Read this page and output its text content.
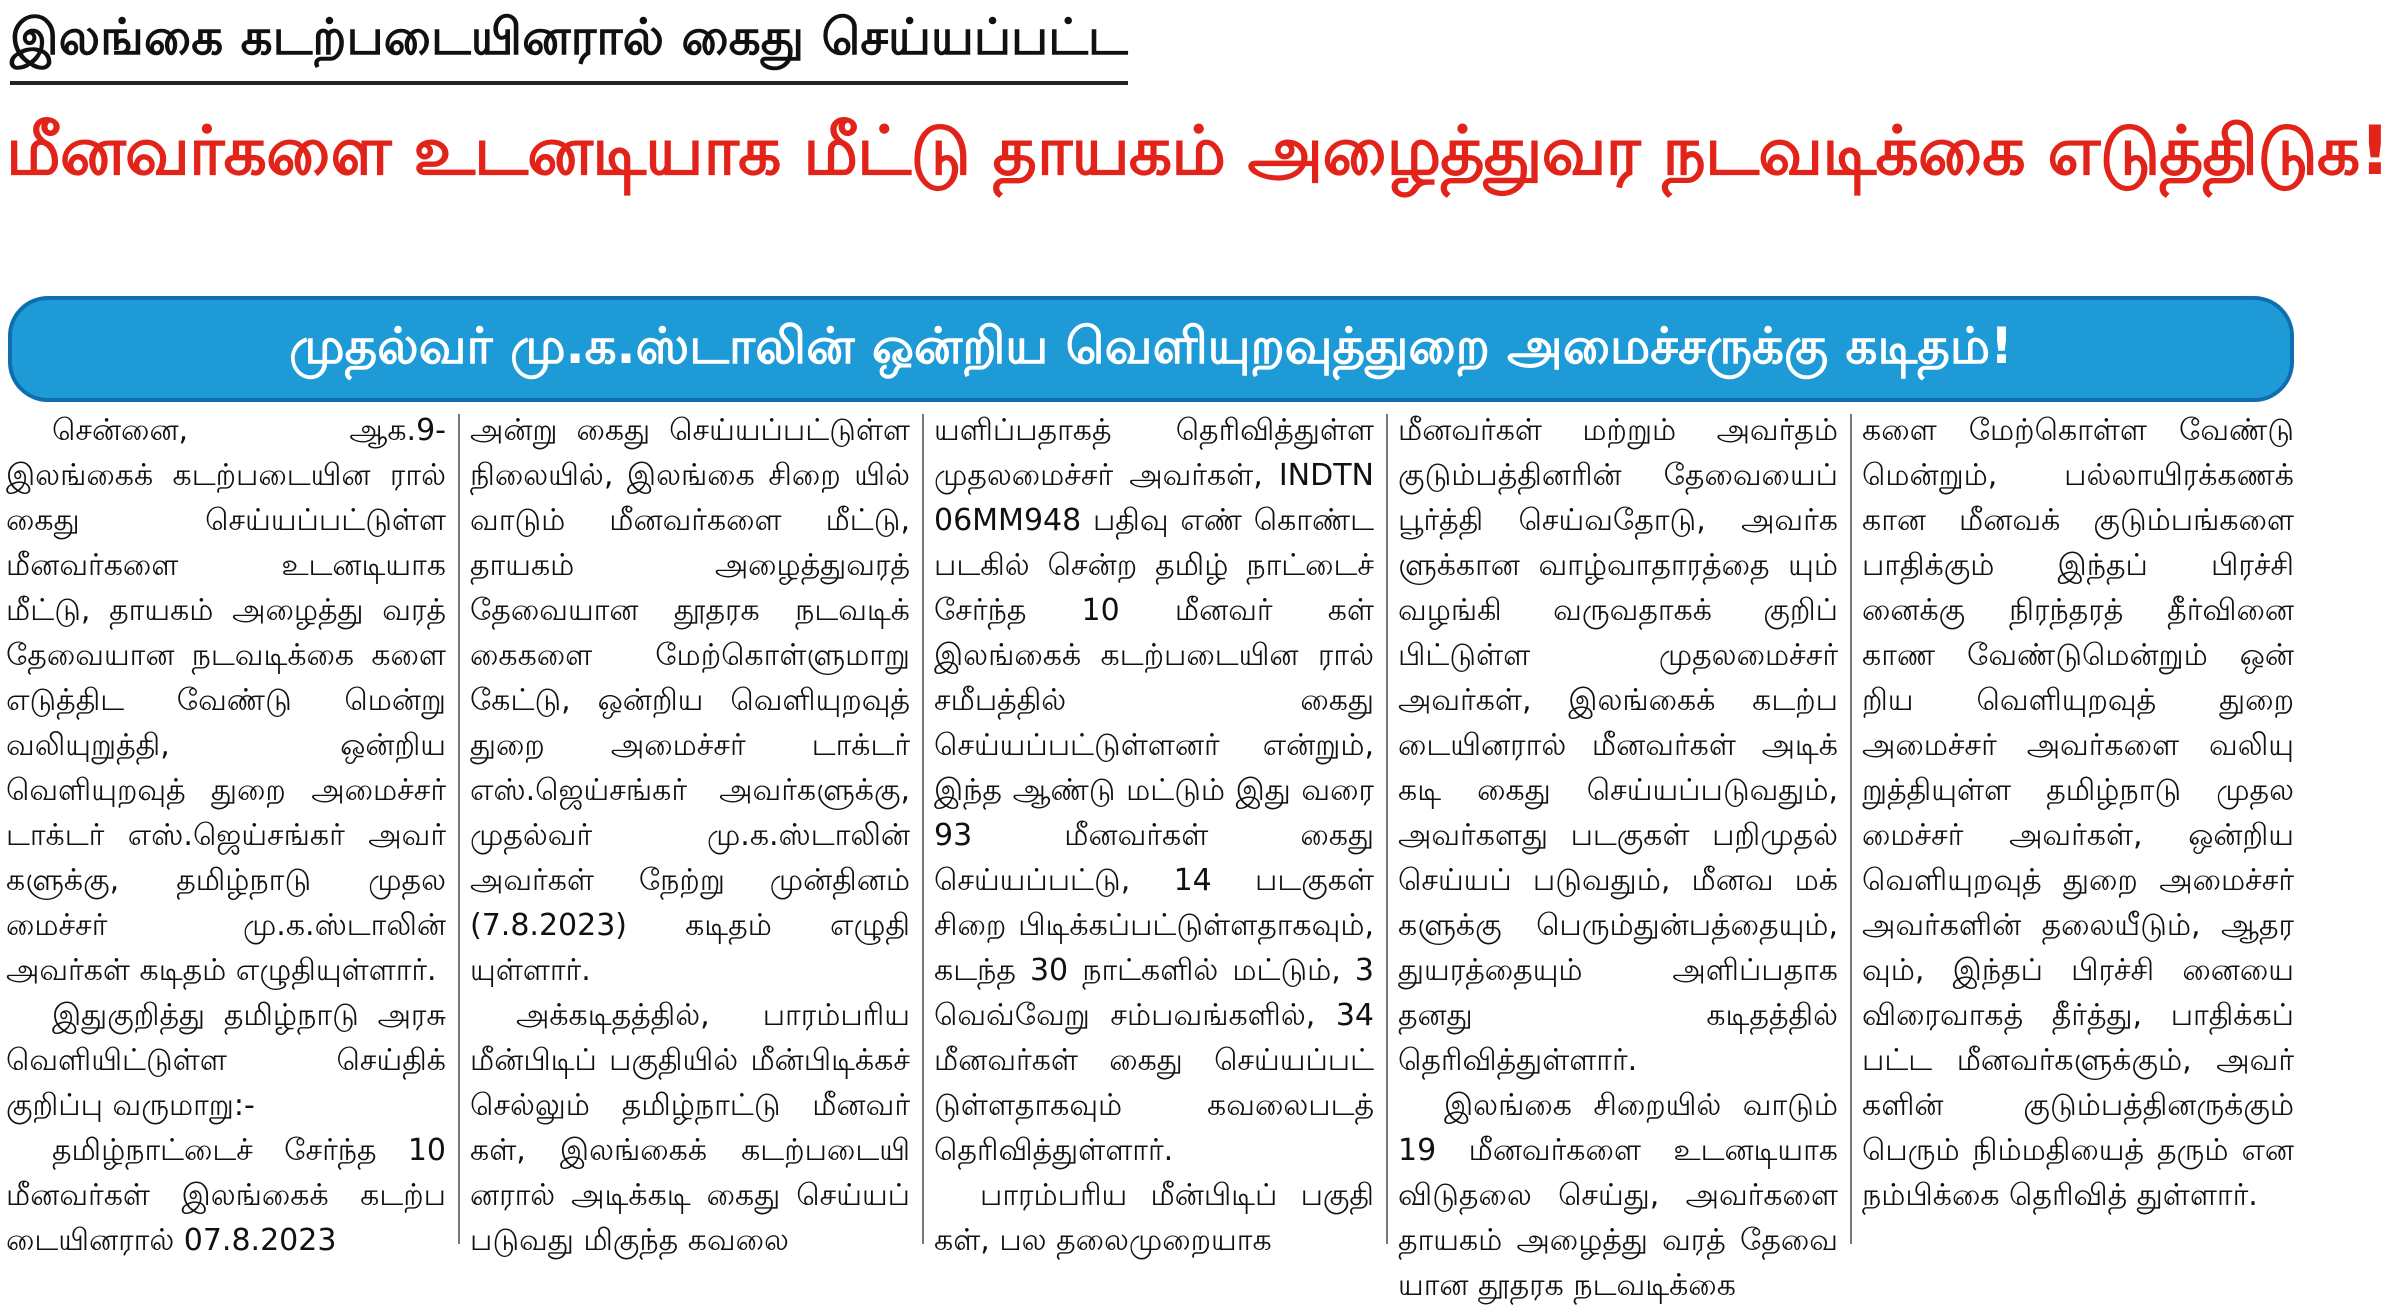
இலங்கை கடற்படையினரால் கைது செய்யப்பட்ட
மீனவர்களை உடனடியாக மீட்டு தாயகம் அழைத்துவர நடவடிக்கை எடுத்திடுக!
முதல்வர் மு.க.ஸ்டாலின் ஒன்றிய வெளியுறவுத்துறை அமைச்சருக்கு கடிதம்!

சென்னை, ஆக.9- இலங்கைக் கடற்படையின ரால் கைது செய்யப்பட்டுள்ள மீனவர்களை உடனடியாக மீட்டு, தாயகம் அழைத்து வரத் தேவையான நடவடிக்கை களை எடுத்திட வேண்டு மென்று வலியுறுத்தி, ஒன்றிய வெளியுறவுத் துறை அமைச்சர் டாக்டர் எஸ்.ஜெய்சங்கர் அவர் களுக்கு, தமிழ்நாடு முதல மைச்சர் மு.க.ஸ்டாலின் அவர்கள் கடிதம் எழுதியுள்ளார்.

இதுகுறித்து தமிழ்நாடு அரசு வெளியிட்டுள்ள செய்திக் குறிப்பு வருமாறு:-

தமிழ்நாட்டைச் சேர்ந்த 10 மீனவர்கள் இலங்கைக் கடற்ப டையினரால் 07.8.2023

அன்று கைது செய்யப்பட்டுள்ள நிலையில், இலங்கை சிறை யில் வாடும் மீனவர்களை மீட்டு, தாயகம் அழைத்துவரத் தேவையான தூதரக நடவடிக் கைகளை மேற்கொள்ளுமாறு கேட்டு, ஒன்றிய வெளியுறவுத் துறை அமைச்சர் டாக்டர் எஸ்.ஜெய்சங்கர் அவர்களுக்கு, முதல்வர் மு.க.ஸ்டாலின் அவர்கள் நேற்று முன்தினம் (7.8.2023) கடிதம் எழுதி யுள்ளார்.

அக்கடிதத்தில், பாரம்பரிய மீன்பிடிப் பகுதியில் மீன்பிடிக்கச் செல்லும் தமிழ்நாட்டு மீனவர் கள், இலங்கைக் கடற்படையி னரால் அடிக்கடி கைது செய்யப் படுவது மிகுந்த கவலை

யளிப்பதாகத் தெரிவித்துள்ள முதலமைச்சர் அவர்கள், INDTN 06MM948 பதிவு எண் கொண்ட படகில் சென்ற தமிழ் நாட்டைச் சேர்ந்த 10 மீனவர் கள் இலங்கைக் கடற்படையின ரால் சமீபத்தில் கைது செய்யப்பட்டுள்ளனர் என்றும், இந்த ஆண்டு மட்டும் இது வரை 93 மீனவர்கள் கைது செய்யப்பட்டு, 14 படகுகள் சிறை பிடிக்கப்பட்டுள்ளதாகவும், கடந்த 30 நாட்களில் மட்டும், 3 வெவ்வேறு சம்பவங்களில், 34 மீனவர்கள் கைது செய்யப்பட் டுள்ளதாகவும் கவலைபடத் தெரிவித்துள்ளார்.

பாரம்பரிய மீன்பிடிப் பகுதி கள், பல தலைமுறையாக

மீனவர்கள் மற்றும் அவர்தம் குடும்பத்தினரின் தேவையைப் பூர்த்தி செய்வதோடு, அவர்க ளுக்கான வாழ்வாதாரத்தை யும் வழங்கி வருவதாகக் குறிப் பிட்டுள்ள முதலமைச்சர் அவர்கள், இலங்கைக் கடற்ப டையினரால் மீனவர்கள் அடிக் கடி கைது செய்யப்படுவதும், அவர்களது படகுகள் பறிமுதல் செய்யப் படுவதும், மீனவ மக் களுக்கு பெரும்துன்பத்தையும், துயரத்தையும் அளிப்பதாக தனது கடிதத்தில் தெரிவித்துள்ளார்.

இலங்கை சிறையில் வாடும் 19 மீனவர்களை உடனடியாக விடுதலை செய்து, அவர்களை தாயகம் அழைத்து வரத் தேவை யான தூதரக நடவடிக்கை

களை மேற்கொள்ள வேண்டு மென்றும், பல்லாயிரக்கணக் கான மீனவக் குடும்பங்களை பாதிக்கும் இந்தப் பிரச்சி னைக்கு நிரந்தரத் தீர்வினை காண வேண்டுமென்றும் ஒன் றிய வெளியுறவுத் துறை அமைச்சர் அவர்களை வலியு றுத்தியுள்ள தமிழ்நாடு முதல மைச்சர் அவர்கள், ஒன்றிய வெளியுறவுத் துறை அமைச்சர் அவர்களின் தலையீடும், ஆதர வும், இந்தப் பிரச்சி னையை விரைவாகத் தீர்த்து, பாதிக்கப் பட்ட மீனவர்களுக்கும், அவர் களின் குடும்பத்தினருக்கும் பெரும் நிம்மதியைத் தரும் என நம்பிக்கை தெரிவித் துள்ளார்.
